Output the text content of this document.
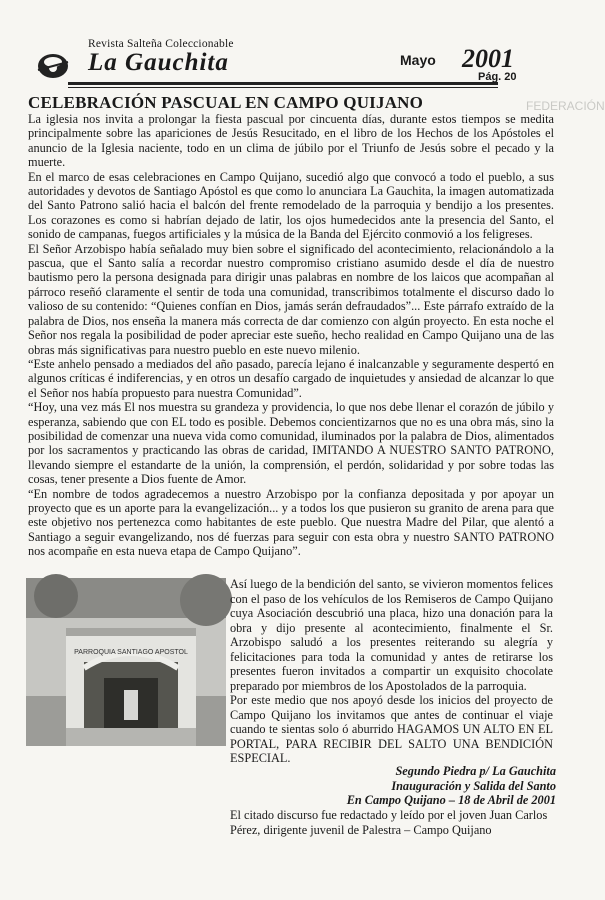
Revista Salteña Coleccionable
La Gauchita	Mayo 2001
Pág. 20
FEDERACIÓN
CELEBRACIÓN PASCUAL EN CAMPO QUIJANO

La iglesia nos invita a prolongar la fiesta pascual por cincuenta días, durante estos tiempos se medita principalmente sobre las apariciones de Jesús Resucitado, en el libro de los Hechos de los Apóstoles el anuncio de la Iglesia naciente, todo en un clima de júbilo por el Triunfo de Jesús sobre el pecado y la muerte.

En el marco de esas celebraciones en Campo Quijano, sucedió algo que convocó a todo el pueblo, a sus autoridades y devotos de Santiago Apóstol es que como lo anunciara La Gauchita, la imagen automatizada del Santo Patrono salió hacia el balcón del frente remodelado de la parroquia y bendijo a los presentes. Los corazones es como si habrían dejado de latir, los ojos humedecidos ante la presencia del Santo, el sonido de campanas, fuegos artificiales y la música de la Banda del Ejército conmovió a los feligreses.

El Señor Arzobispo había señalado muy bien sobre el significado del acontecimiento, relacionándolo a la pascua, que el Santo salía a recordar nuestro compromiso cristiano asumido desde el día de nuestro bautismo pero la persona designada para dirigir unas palabras en nombre de los laicos que acompañan al párroco reseñó claramente el sentir de toda una comunidad, transcribimos totalmente el discurso dado lo valioso de su contenido: “Quienes confían en Dios, jamás serán defraudados”... Este párrafo extraído de la palabra de Dios, nos enseña la manera más correcta de dar comienzo con algún proyecto. En esta noche el Señor nos regala la posibilidad de poder apreciar este sueño, hecho realidad en Campo Quijano una de las obras más significativas para nuestro pueblo en este nuevo milenio.

“Este anhelo pensado a mediados del año pasado, parecía lejano é inalcanzable y seguramente despertó en algunos críticas é indiferencias, y en otros un desafío cargado de inquietudes y ansiedad de alcanzar lo que el Señor nos había propuesto para nuestra Comunidad”.

“Hoy, una vez más El nos muestra su grandeza y providencia, lo que nos debe llenar el corazón de júbilo y esperanza, sabiendo que con EL todo es posible. Debemos concientizarnos que no es una obra más, sino la posibilidad de comenzar una nueva vida como comunidad, iluminados por la palabra de Dios, alimentados por los sacramentos y practicando las obras de caridad, IMITANDO A NUESTRO SANTO PATRONO, llevando siempre el estandarte de la unión, la comprensión, el perdón, solidaridad y por sobre todas las cosas, tener presente a Dios fuente de Amor.

“En nombre de todos agradecemos a nuestro Arzobispo por la confianza depositada y por apoyar un proyecto que es un aporte para la evangelización... y a todos los que pusieron su granito de arena para que este objetivo nos pertenezca como habitantes de este pueblo. Que nuestra Madre del Pilar, que alentó a Santiago a seguir evangelizando, nos dé fuerzas para seguir con esta obra y nuestro SANTO PATRONO nos acompañe en esta nueva etapa de Campo Quijano”.

PARROQUIA SANTIAGO APOSTOL

Así luego de la bendición del santo, se vivieron momentos felices con el paso de los vehículos de los Remiseros de Campo Quijano cuya Asociación descubrió una placa, hizo una donación para la obra y dijo presente al acontecimiento, finalmente el Sr. Arzobispo saludó a los presentes reiterando su alegría y felicitaciones para toda la comunidad y antes de retirarse los presentes fueron invitados a compartir un exquisito chocolate preparado por miembros de los Apostolados de la parroquia.

Por este medio que nos apoyó desde los inicios del proyecto de Campo Quijano los invitamos que antes de continuar el viaje cuando te sientas solo ó aburrido HAGAMOS UN ALTO EN EL PORTAL, PARA RECIBIR DEL SALTO UNA BENDICIÓN ESPECIAL.

Segundo Piedra p/ La Gauchita
Inauguración y Salida del Santo
En Campo Quijano – 18 de Abril de 2001
El citado discurso fue redactado y leído por el joven Juan Carlos Pérez, dirigente juvenil de Palestra – Campo Quijano
